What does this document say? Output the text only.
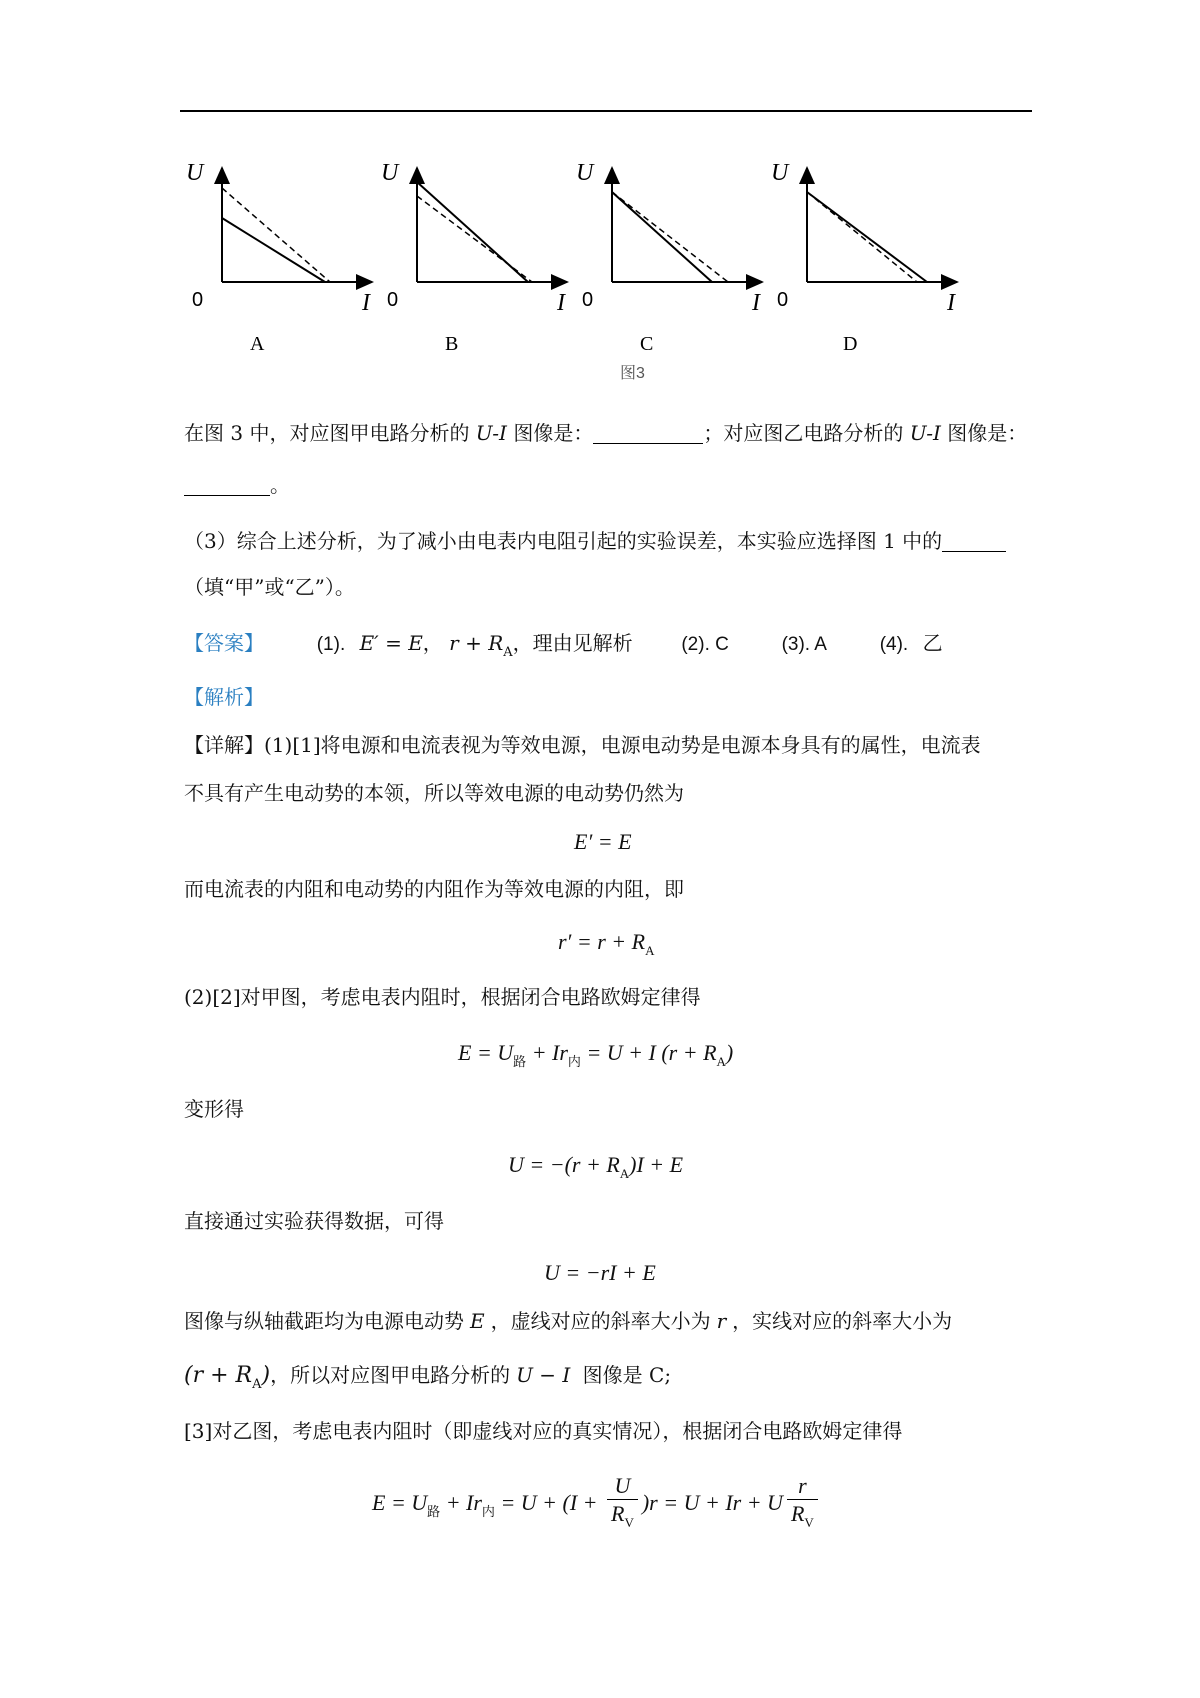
U
I
0
A
U
I
0
B
U
I
0
C
U
I
0
D
图3
在图 3 中，对应图甲电路分析的 U-I 图像是：	；对应图乙电路分析的 U-I 图像是：
。
（3）综合上述分析，为了减小由电表内电阻引起的实验误差，本实验应选择图 1 中的
（填“甲”或“乙”）。
【答案】	(1). E′ = E， $r + R_A$，理由见解析	(2). C	(3). A	(4). 乙
【解析】
【详解】(1)[1]将电源和电流表视为等效电源，电源电动势是电源本身具有的属性，电流表
不具有产生电动势的本领，所以等效电源的电动势仍然为
E′ = E
而电流表的内阻和电动势的内阻作为等效电源的内阻，即
$r' = r + R_A$
(2)[2]对甲图，考虑电表内阻时，根据闭合电路欧姆定律得
$E = U_路 + Ir_内 = U + I$ $(r + R_A)$
变形得
$U = -(r + R_A)I + E$
直接通过实验获得数据，可得
U = −rI + E
图像与纵轴截距均为电源电动势 E ，虚线对应的斜率大小为 r ，实线对应的斜率大小为
$(r + R_A)$，所以对应图甲电路分析的 U − I 图像是 C;
[3]对乙图，考虑电表内阻时（即虚线对应的真实情况），根据闭合电路欧姆定律得
$E = U_路 + Ir_内 = U + (I + \frac{U}{R_V} )r = U + Ir + U \frac{r}{R_V}$
